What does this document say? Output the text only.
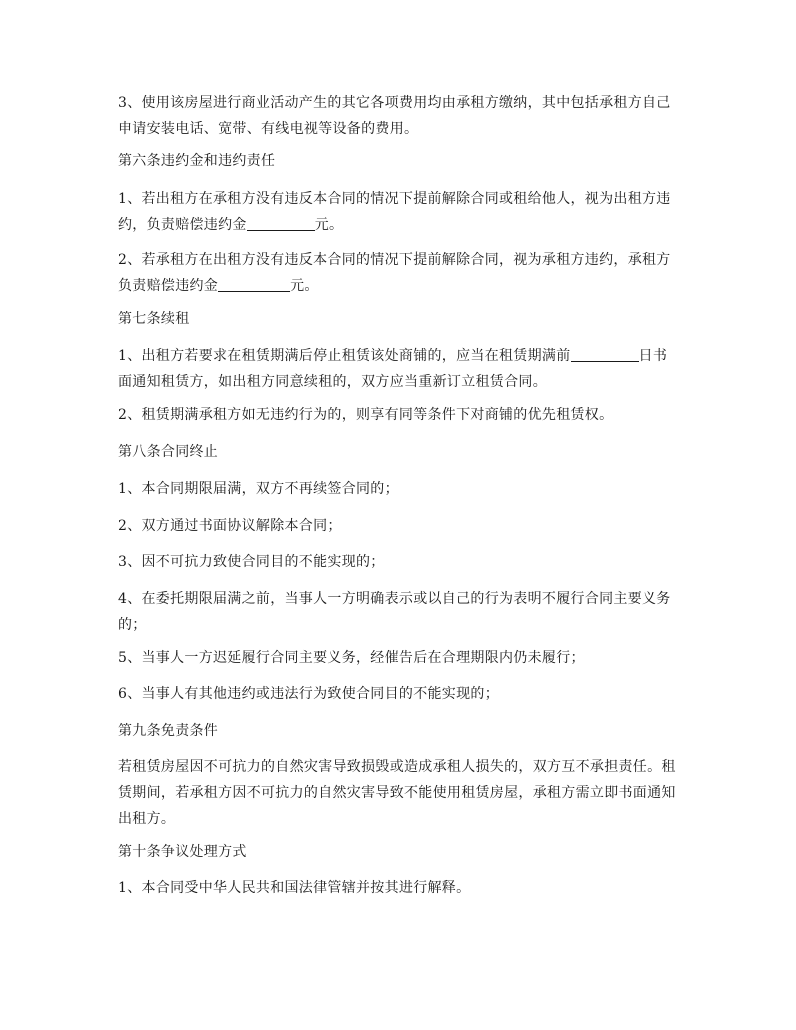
3、使用该房屋进行商业活动产生的其它各项费用均由承租方缴纳，其中包括承租方自己申请安装电话、宽带、有线电视等设备的费用。

第六条违约金和违约责任

1、若出租方在承租方没有违反本合同的情况下提前解除合同或租给他人，视为出租方违约，负责赔偿违约金	元。

2、若承租方在出租方没有违反本合同的情况下提前解除合同，视为承租方违约，承租方负责赔偿违约金	元。

第七条续租

1、出租方若要求在租赁期满后停止租赁该处商铺的，应当在租赁期满前	日书面通知租赁方，如出租方同意续租的，双方应当重新订立租赁合同。

2、租赁期满承租方如无违约行为的，则享有同等条件下对商铺的优先租赁权。

第八条合同终止

1、本合同期限届满，双方不再续签合同的；

2、双方通过书面协议解除本合同；

3、因不可抗力致使合同目的不能实现的；

4、在委托期限届满之前，当事人一方明确表示或以自己的行为表明不履行合同主要义务的；

5、当事人一方迟延履行合同主要义务，经催告后在合理期限内仍未履行；

6、当事人有其他违约或违法行为致使合同目的不能实现的；

第九条免责条件

若租赁房屋因不可抗力的自然灾害导致损毁或造成承租人损失的，双方互不承担责任。租赁期间，若承租方因不可抗力的自然灾害导致不能使用租赁房屋，承租方需立即书面通知出租方。

第十条争议处理方式

1、本合同受中华人民共和国法律管辖并按其进行解释。
